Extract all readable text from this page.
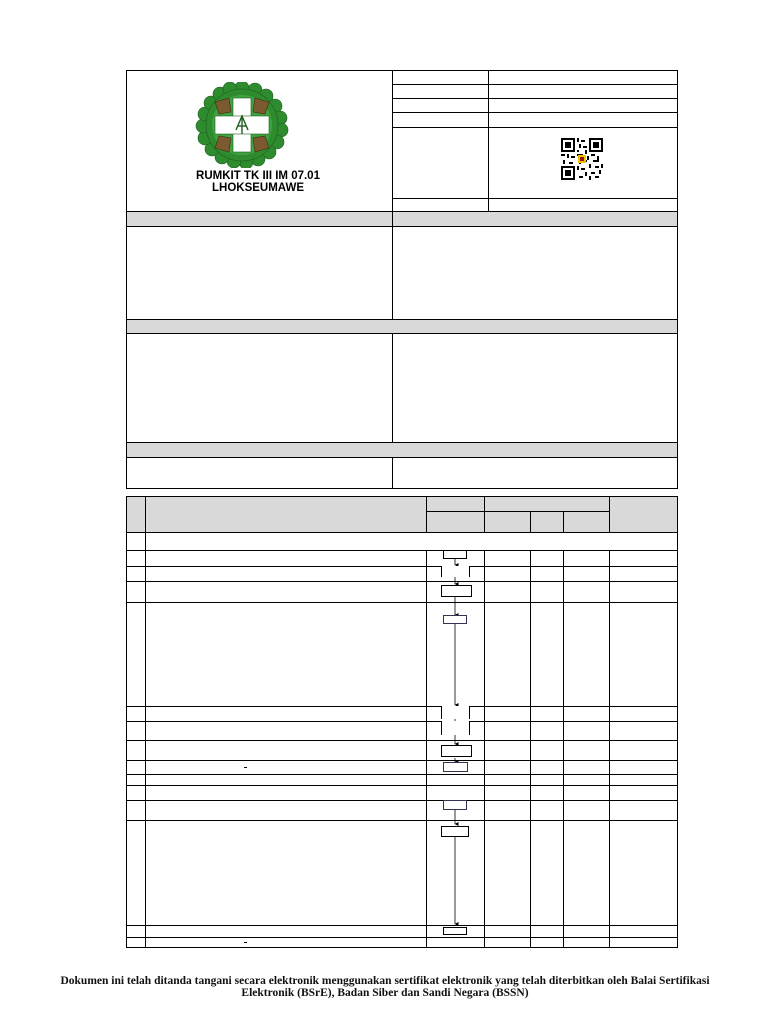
RUMKIT TK III IM 07.01
LHOKSEUMAWE
Dokumen ini telah ditanda tangani secara elektronik menggunakan sertifikat elektronik yang telah diterbitkan oleh Balai Sertifikasi
Elektronik (BSrE), Badan Siber dan Sandi Negara (BSSN)
